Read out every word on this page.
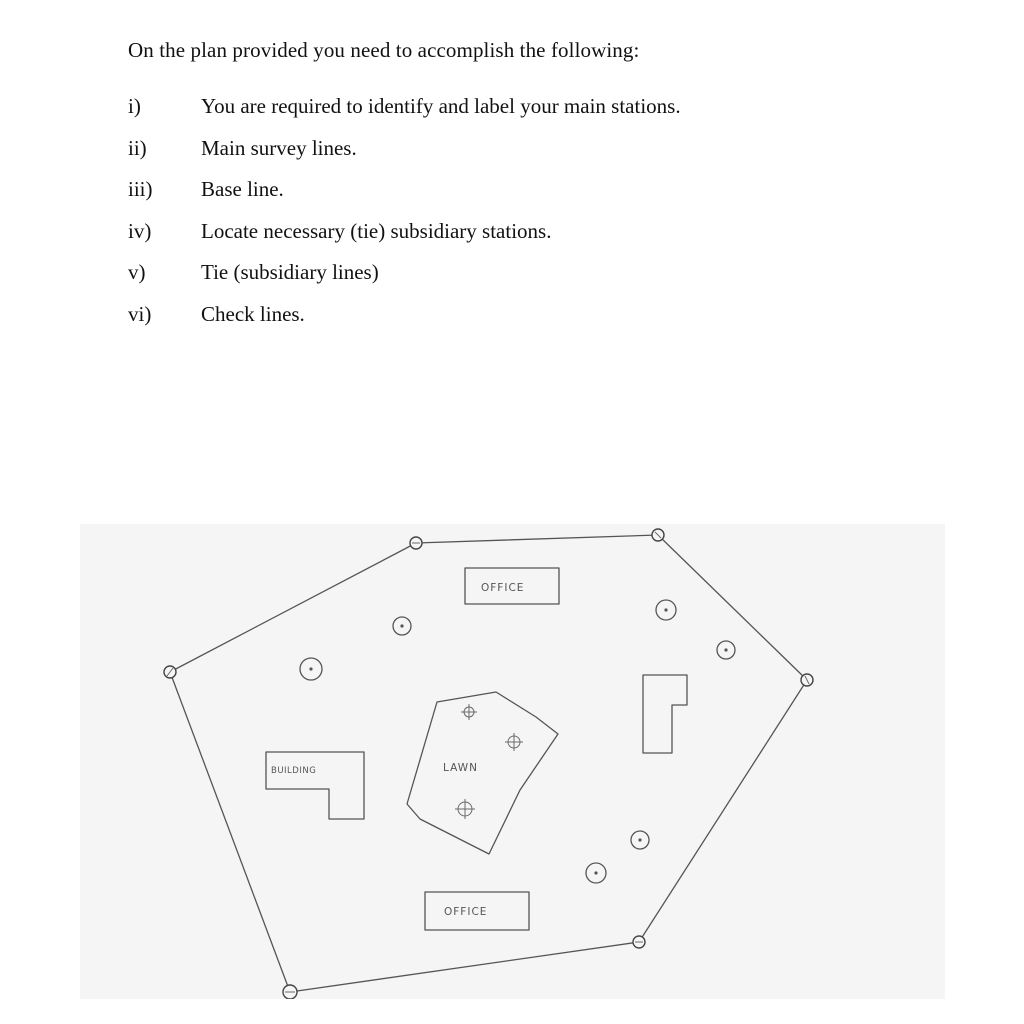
On the plan provided you need to accomplish the following:
i)	You are required to identify and label your main stations.
ii)	Main survey lines.
iii)	Base line.
iv)	Locate necessary (tie) subsidiary stations.
v)	Tie (subsidiary lines)
vi)	Check lines.
OFFICE
OFFICE
BUILDING	LAWN
